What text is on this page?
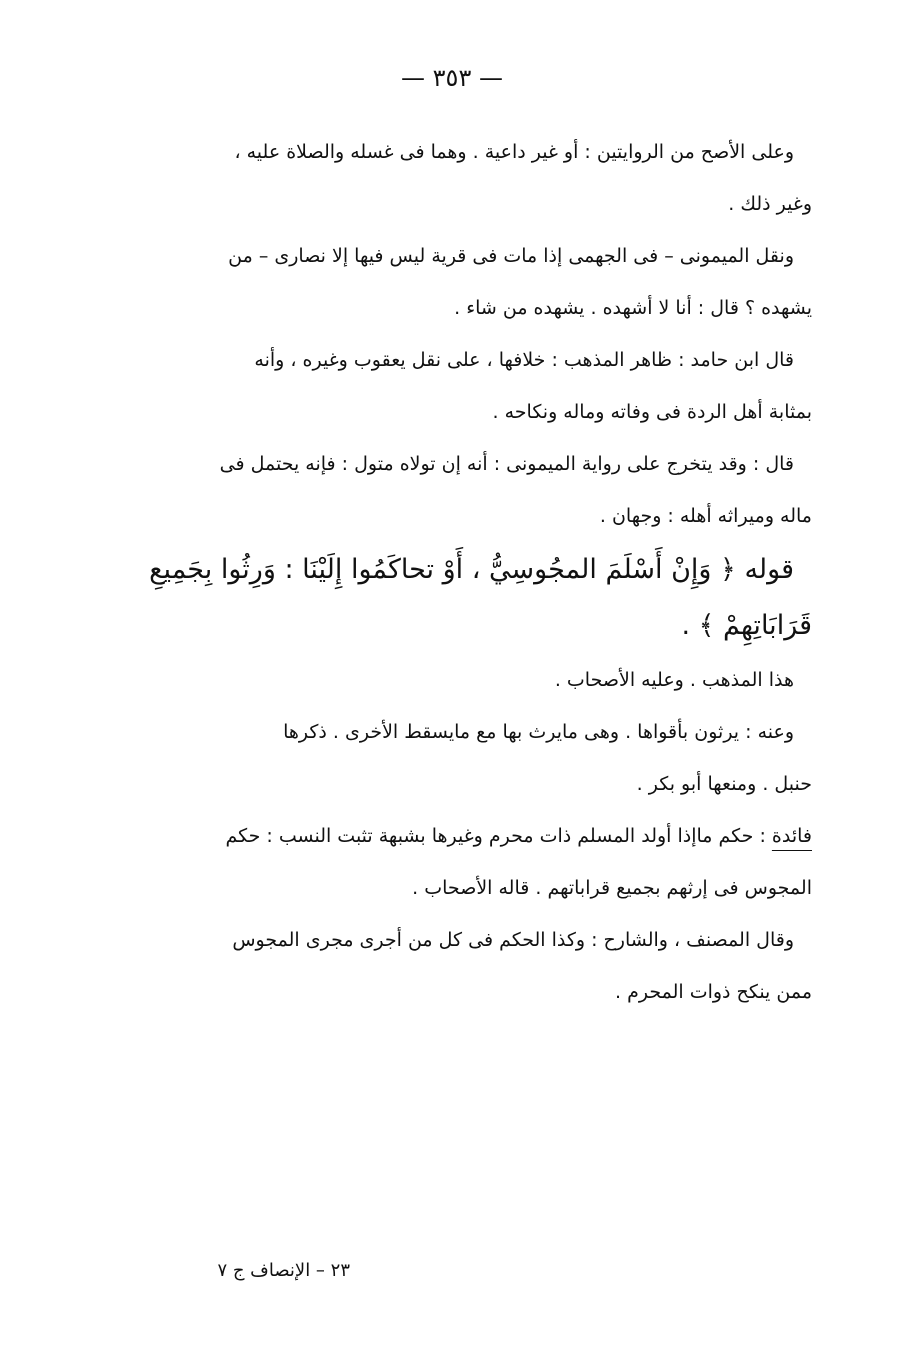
— ٣٥٣ —

وعلى الأصح من الروايتين : أو غير داعية . وهما فى غسله والصلاة عليه ،
وغير ذلك .

ونقل الميمونى – فى الجهمى إذا مات فى قرية ليس فيها إلا نصارى – من
يشهده ؟ قال : أنا لا أشهده . يشهده من شاء .

قال ابن حامد : ظاهر المذهب : خلافها ، على نقل يعقوب وغيره ، وأنه
بمثابة أهل الردة فى وفاته وماله ونكاحه .

قال : وقد يتخرج على رواية الميمونى : أنه إن تولاه متول : فإنه يحتمل فى
ماله وميراثه أهله : وجهان .

قوله ﴿ وَإِنْ أَسْلَمَ المجُوسِيُّ ، أَوْ تحاكَمُوا إِلَيْنَا : وَرِثُوا بِجَمِيعِ
قَرَابَاتِهِمْ ﴾ .

هذا المذهب . وعليه الأصحاب .

وعنه : يرثون بأقواها . وهى مايرث بها مع مايسقط الأخرى . ذكرها
حنبل . ومنعها أبو بكر .

فائدة : حكم ماإذا أولد المسلم ذات محرم وغيرها بشبهة تثبت النسب : حكم
المجوس فى إرثهم بجميع قراباتهم . قاله الأصحاب .

وقال المصنف ، والشارح : وكذا الحكم فى كل من أجرى مجرى المجوس
ممن ينكح ذوات المحرم .

٢٣ – الإنصاف ج ٧
